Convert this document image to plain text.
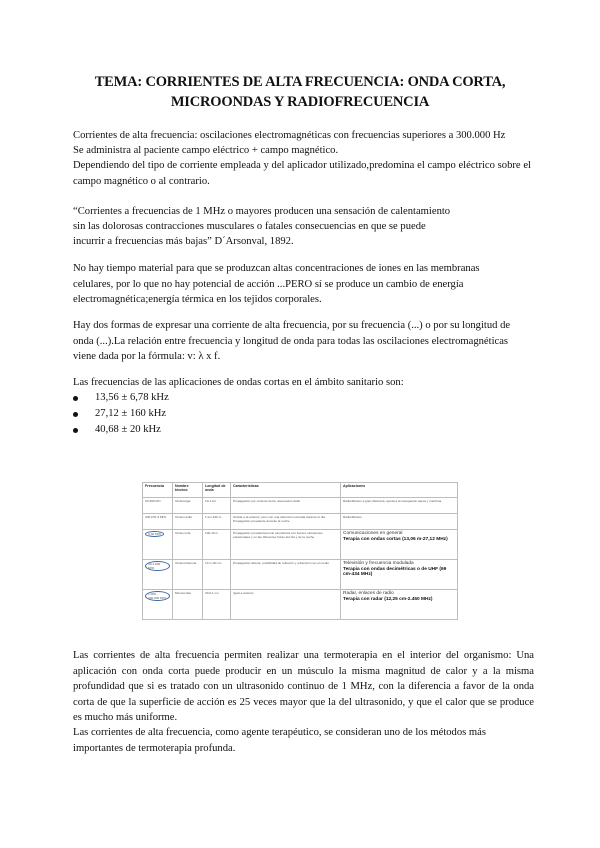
TEMA: CORRIENTES DE ALTA FRECUENCIA: ONDA CORTA,
MICROONDAS Y RADIOFRECUENCIA

Corrientes de alta frecuencia: oscilaciones electromagnéticas con frecuencias superiores a 300.000 Hz

Se administra al paciente campo eléctrico + campo magnético.

Dependiendo del tipo de corriente empleada y del aplicador utilizado,predomina el campo eléctrico sobre el campo magnético o al contrario.

“Corrientes a frecuencias de 1 MHz o mayores producen una sensación de calentamiento

sin las dolorosas contracciones musculares o fatales consecuencias en que se puede

incurrir a frecuencias más bajas” D´Arsonval, 1892.

No hay tiempo material para que se produzcan altas concentraciones de iones en las membranas celulares, por lo que no hay potencial de acción ...PERO sí se produce un cambio de energía electromagnética;energía térmica en los tejidos corporales.

Hay dos formas de expresar una corriente de alta frecuencia, por su frecuencia (...) o por su longitud de onda (...).La relación entre frecuencia y longitud de onda para todas las oscilaciones electromagnéticas viene dada por la fórmula: v: λ x f.

Las frecuencias de las aplicaciones de ondas cortas en el ámbito sanitario son:

13,56 ± 6,78 kHz
27,12 ± 160 kHz
40,68 ± 20 kHz
Frecuencia	Nombre técnico	Longitud de onda	Características	Aplicaciones
30-300 kHz	Onda larga	10-1 km	Propagación por onda de tierra, atenuación débil	Radiodifusión a gran distancia, ayuda a la navegación aérea y marítima
300 kHz-3 MHz	Onda media	1 km-100 m	Similar a la anterior, pero con una absorción elevada durante el día. Propagación prevalente durante la noche	Radiodifusión
3-30 MHz	Onda corta	100-10 m	Propagación prevalentemente ionosférica con fuertes variaciones estacionales y en las diferentes horas del día y de la noche	Comunicaciones en general
Terapia con ondas cortas (13,06 m-27,12 MHz)

30-1.000 MHz	Onda ultracorta	10 m-30 cm	Propagación directa, posibilidad de reflexión y refracción con el medio	Televisión y frecuencia modulada
Terapia con ondas decimétricas o de UHF (69 cm-434 MHz)

1.000-300.000 MHz	Microondas	30-0,1 cm	Igual a anterior	Radar, enlaces de radio
Terapia con radar (12,25 cm-2.450 MHz)

Las corrientes de alta frecuencia permiten realizar una termoterapia en el interior del organismo: Una aplicación con onda corta puede producir en un músculo la misma magnitud de calor y a la misma profundidad que si es tratado con un ultrasonido continuo de 1 MHz, con la diferencia a favor de la onda corta de que la superficie de acción es 25 veces mayor que la del ultrasonido, y que el calor que se produce es mucho más uniforme.

Las corrientes de alta frecuencia, como agente terapéutico, se consideran uno de los métodos más importantes de termoterapia profunda.
